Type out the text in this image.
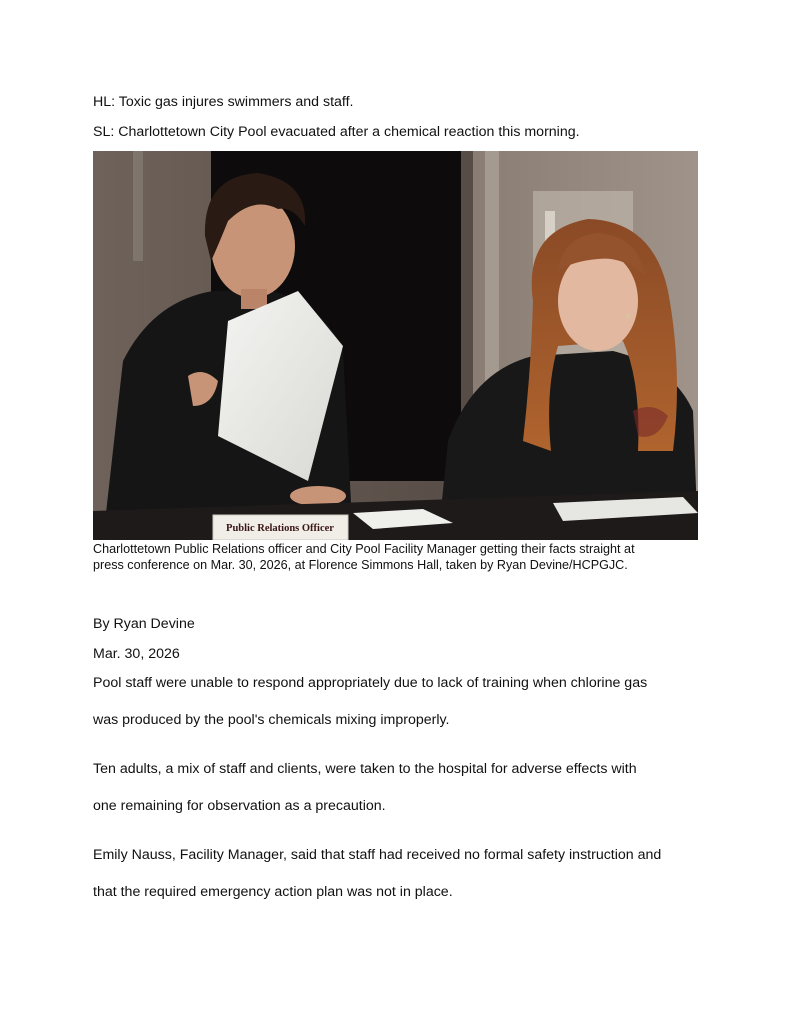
HL: Toxic gas injures swimmers and staff.
SL: Charlottetown City Pool evacuated after a chemical reaction this morning.
Public Relations Officer
Charlottetown Public Relations officer and City Pool Facility Manager getting their facts straight at
press conference on Mar. 30, 2026, at Florence Simmons Hall, taken by Ryan Devine/HCPGJC.
By Ryan Devine
Mar. 30, 2026
Pool staff were unable to respond appropriately due to lack of training when chlorine gas
was produced by the pool's chemicals mixing improperly.
Ten adults, a mix of staff and clients, were taken to the hospital for adverse effects with
one remaining for observation as a precaution.
Emily Nauss, Facility Manager, said that staff had received no formal safety instruction and
that the required emergency action plan was not in place.
